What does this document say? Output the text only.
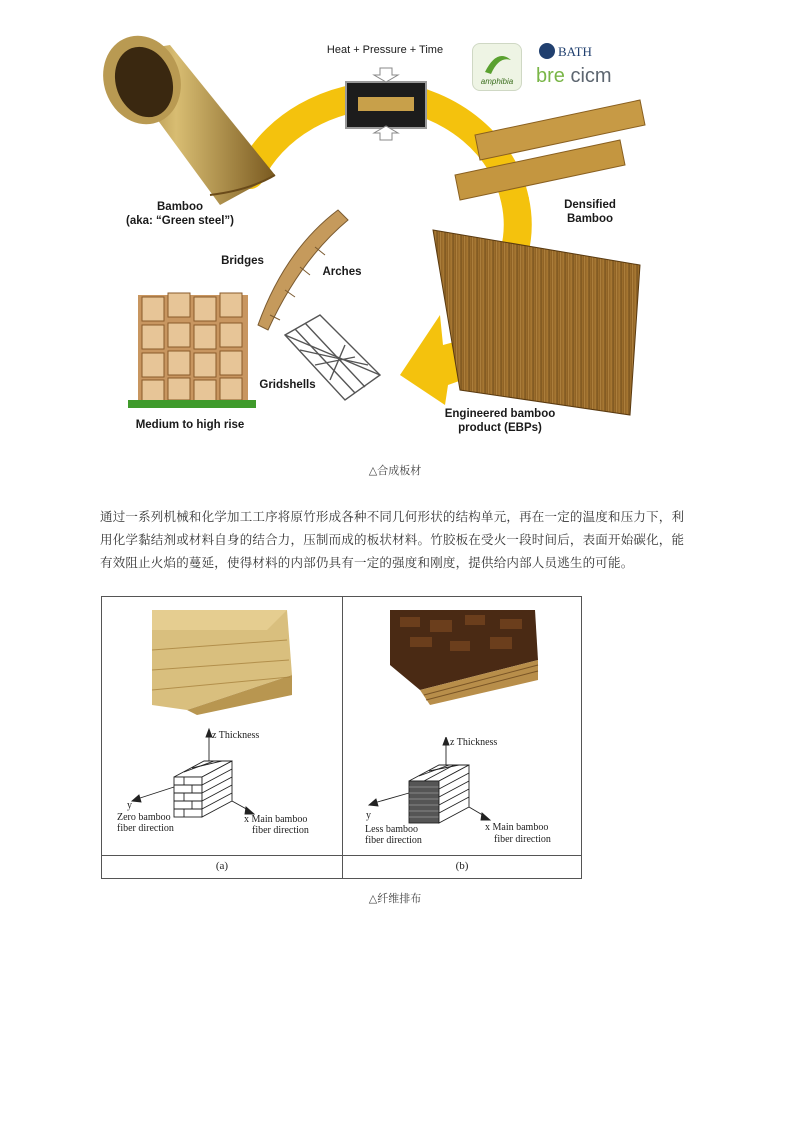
Heat + Pressure + Time
Bamboo
(aka: “Green steel”)
Densified
Bamboo
Bridges
Arches
Gridshells
Medium to high rise
Engineered bamboo
product (EBPs)
amphibia
BATH
bre cicm
△合成板材
通过一系列机械和化学加工工序将原竹形成各种不同几何形状的结构单元，再在一定的温度和压力下，利用化学黏结剂或材料自身的结合力，压制而成的板状材料。竹胶板在受火一段时间后，表面开始碳化，能有效阻止火焰的蔓延，使得材料的内部仍具有一定的强度和刚度，提供给内部人员逃生的可能。
z Thickness
y
Zero bamboo
fiber direction
x Main bamboo
fiber direction
(a)
z Thickness
y
Less bamboo
fiber direction
x Main bamboo
fiber direction
(b)
△纤维排布
